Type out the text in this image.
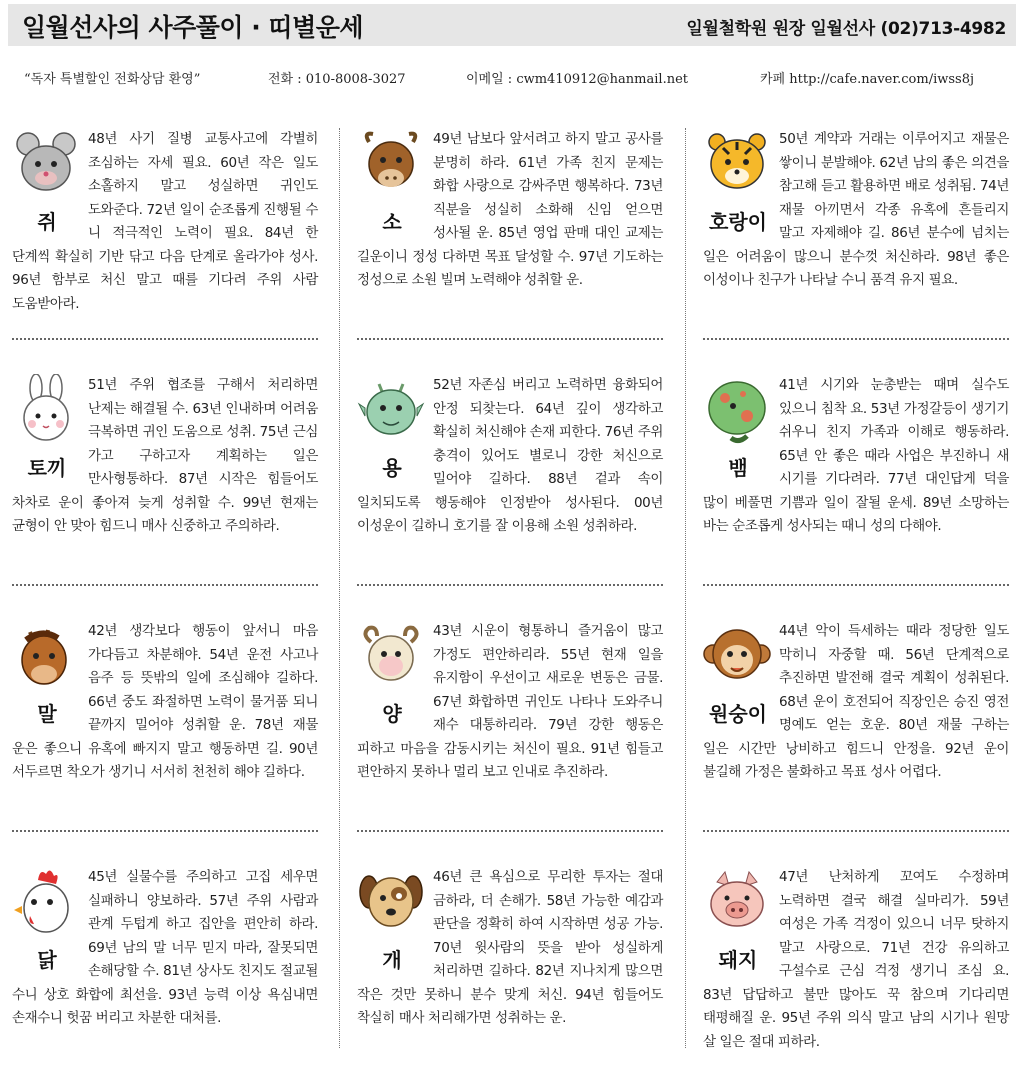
일월선사의 사주풀이 · 띠별운세	일월철학원 원장 일월선사 (02)713-4982
“독자 특별할인 전화상담 환영”	전화 : 010-8008-3027	이메일 : cwm410912@hanmail.net	카페 http://cafe.naver.com/iwss8j
쥐
48년 사기 질병 교통사고에 각별히 조심하는 자세 필요. 60년 작은 일도 소홀하지 말고 성실하면 귀인도 도와준다. 72년 일이 순조롭게 진행될 수 니 적극적인 노력이 필요. 84년 한 단계씩 확실히 기반 닦고 다음 단계로 올라가야 성사. 96년 함부로 처신 말고 때를 기다려 주위 사람 도움받아라.
소
49년 남보다 앞서려고 하지 말고 공사를 분명히 하라. 61년 가족 친지 문제는 화합 사랑으로 감싸주면 행복하다. 73년 직분을 성실히 소화해 신임 얻으면 성사될 운. 85년 영업 판매 대인 교제는 길운이니 정성 다하면 목표 달성할 수. 97년 기도하는 정성으로 소원 빌며 노력해야 성취할 운.
호랑이
50년 계약과 거래는 이루어지고 재물은 쌓이니 분발해야. 62년 남의 좋은 의견을 참고해 듣고 활용하면 배로 성취됨. 74년 재물 아끼면서 각종 유혹에 흔들리지 말고 자제해야 길. 86년 분수에 넘치는 일은 어려움이 많으니 분수껏 처신하라. 98년 좋은 이성이나 친구가 나타날 수니 품격 유지 필요.
토끼
51년 주위 협조를 구해서 처리하면 난제는 해결될 수. 63년 인내하며 어려움 극복하면 귀인 도움으로 성취. 75년 근심 가고 구하고자 계획하는 일은 만사형통하다. 87년 시작은 힘들어도 차차로 운이 좋아져 늦게 성취할 수. 99년 현재는 균형이 안 맞아 힘드니 매사 신중하고 주의하라.
용
52년 자존심 버리고 노력하면 융화되어 안정 되찾는다. 64년 깊이 생각하고 확실히 처신해야 손재 피한다. 76년 주위 충격이 있어도 별로니 강한 처신으로 밀어야 길하다. 88년 겉과 속이 일치되도록 행동해야 인정받아 성사된다. 00년 이성운이 길하니 호기를 잘 이용해 소원 성취하라.
뱀
41년 시기와 눈총받는 때며 실수도 있으니 침착 요. 53년 가정갈등이 생기기 쉬우니 친지 가족과 이해로 행동하라. 65년 안 좋은 때라 사업은 부진하니 새 시기를 기다려라. 77년 대인답게 덕을 많이 베풀면 기쁨과 일이 잘될 운세. 89년 소망하는 바는 순조롭게 성사되는 때니 성의 다해야.
말
42년 생각보다 행동이 앞서니 마음 가다듬고 차분해야. 54년 운전 사고나 음주 등 뜻밖의 일에 조심해야 길하다. 66년 중도 좌절하면 노력이 물거품 되니 끝까지 밀어야 성취할 운. 78년 재물 운은 좋으니 유혹에 빠지지 말고 행동하면 길. 90년 서두르면 착오가 생기니 서서히 천천히 해야 길하다.
양
43년 시운이 형통하니 즐거움이 많고 가정도 편안하리라. 55년 현재 일을 유지함이 우선이고 새로운 변동은 금물. 67년 화합하면 귀인도 나타나 도와주니 재수 대통하리라. 79년 강한 행동은 피하고 마음을 감동시키는 처신이 필요. 91년 힘들고 편안하지 못하나 멀리 보고 인내로 추진하라.
원숭이
44년 악이 득세하는 때라 정당한 일도 막히니 자중할 때. 56년 단계적으로 추진하면 발전해 결국 계획이 성취된다. 68년 운이 호전되어 직장인은 승진 영전 명예도 얻는 호운. 80년 재물 구하는 일은 시간만 낭비하고 힘드니 안정을. 92년 운이 불길해 가정은 불화하고 목표 성사 어렵다.
닭
45년 실물수를 주의하고 고집 세우면 실패하니 양보하라. 57년 주위 사람과 관계 두텁게 하고 집안을 편안히 하라. 69년 남의 말 너무 믿지 마라, 잘못되면 손해당할 수. 81년 상사도 친지도 절교될 수니 상호 화합에 최선을. 93년 능력 이상 욕심내면 손재수니 헛꿈 버리고 차분한 대처를.
개
46년 큰 욕심으로 무리한 투자는 절대 금하라, 더 손해가. 58년 가능한 예감과 판단을 정확히 하여 시작하면 성공 가능. 70년 윗사람의 뜻을 받아 성실하게 처리하면 길하다. 82년 지나치게 많으면 작은 것만 못하니 분수 맞게 처신. 94년 힘들어도 착실히 매사 처리해가면 성취하는 운.
돼지
47년 난처하게 꼬여도 수정하며 노력하면 결국 해결 실마리가. 59년 여성은 가족 걱정이 있으니 너무 탓하지 말고 사랑으로. 71년 건강 유의하고 구설수로 근심 걱정 생기니 조심 요. 83년 답답하고 불만 많아도 꾹 참으며 기다리면 태평해질 운. 95년 주위 의식 말고 남의 시기나 원망 살 일은 절대 피하라.
